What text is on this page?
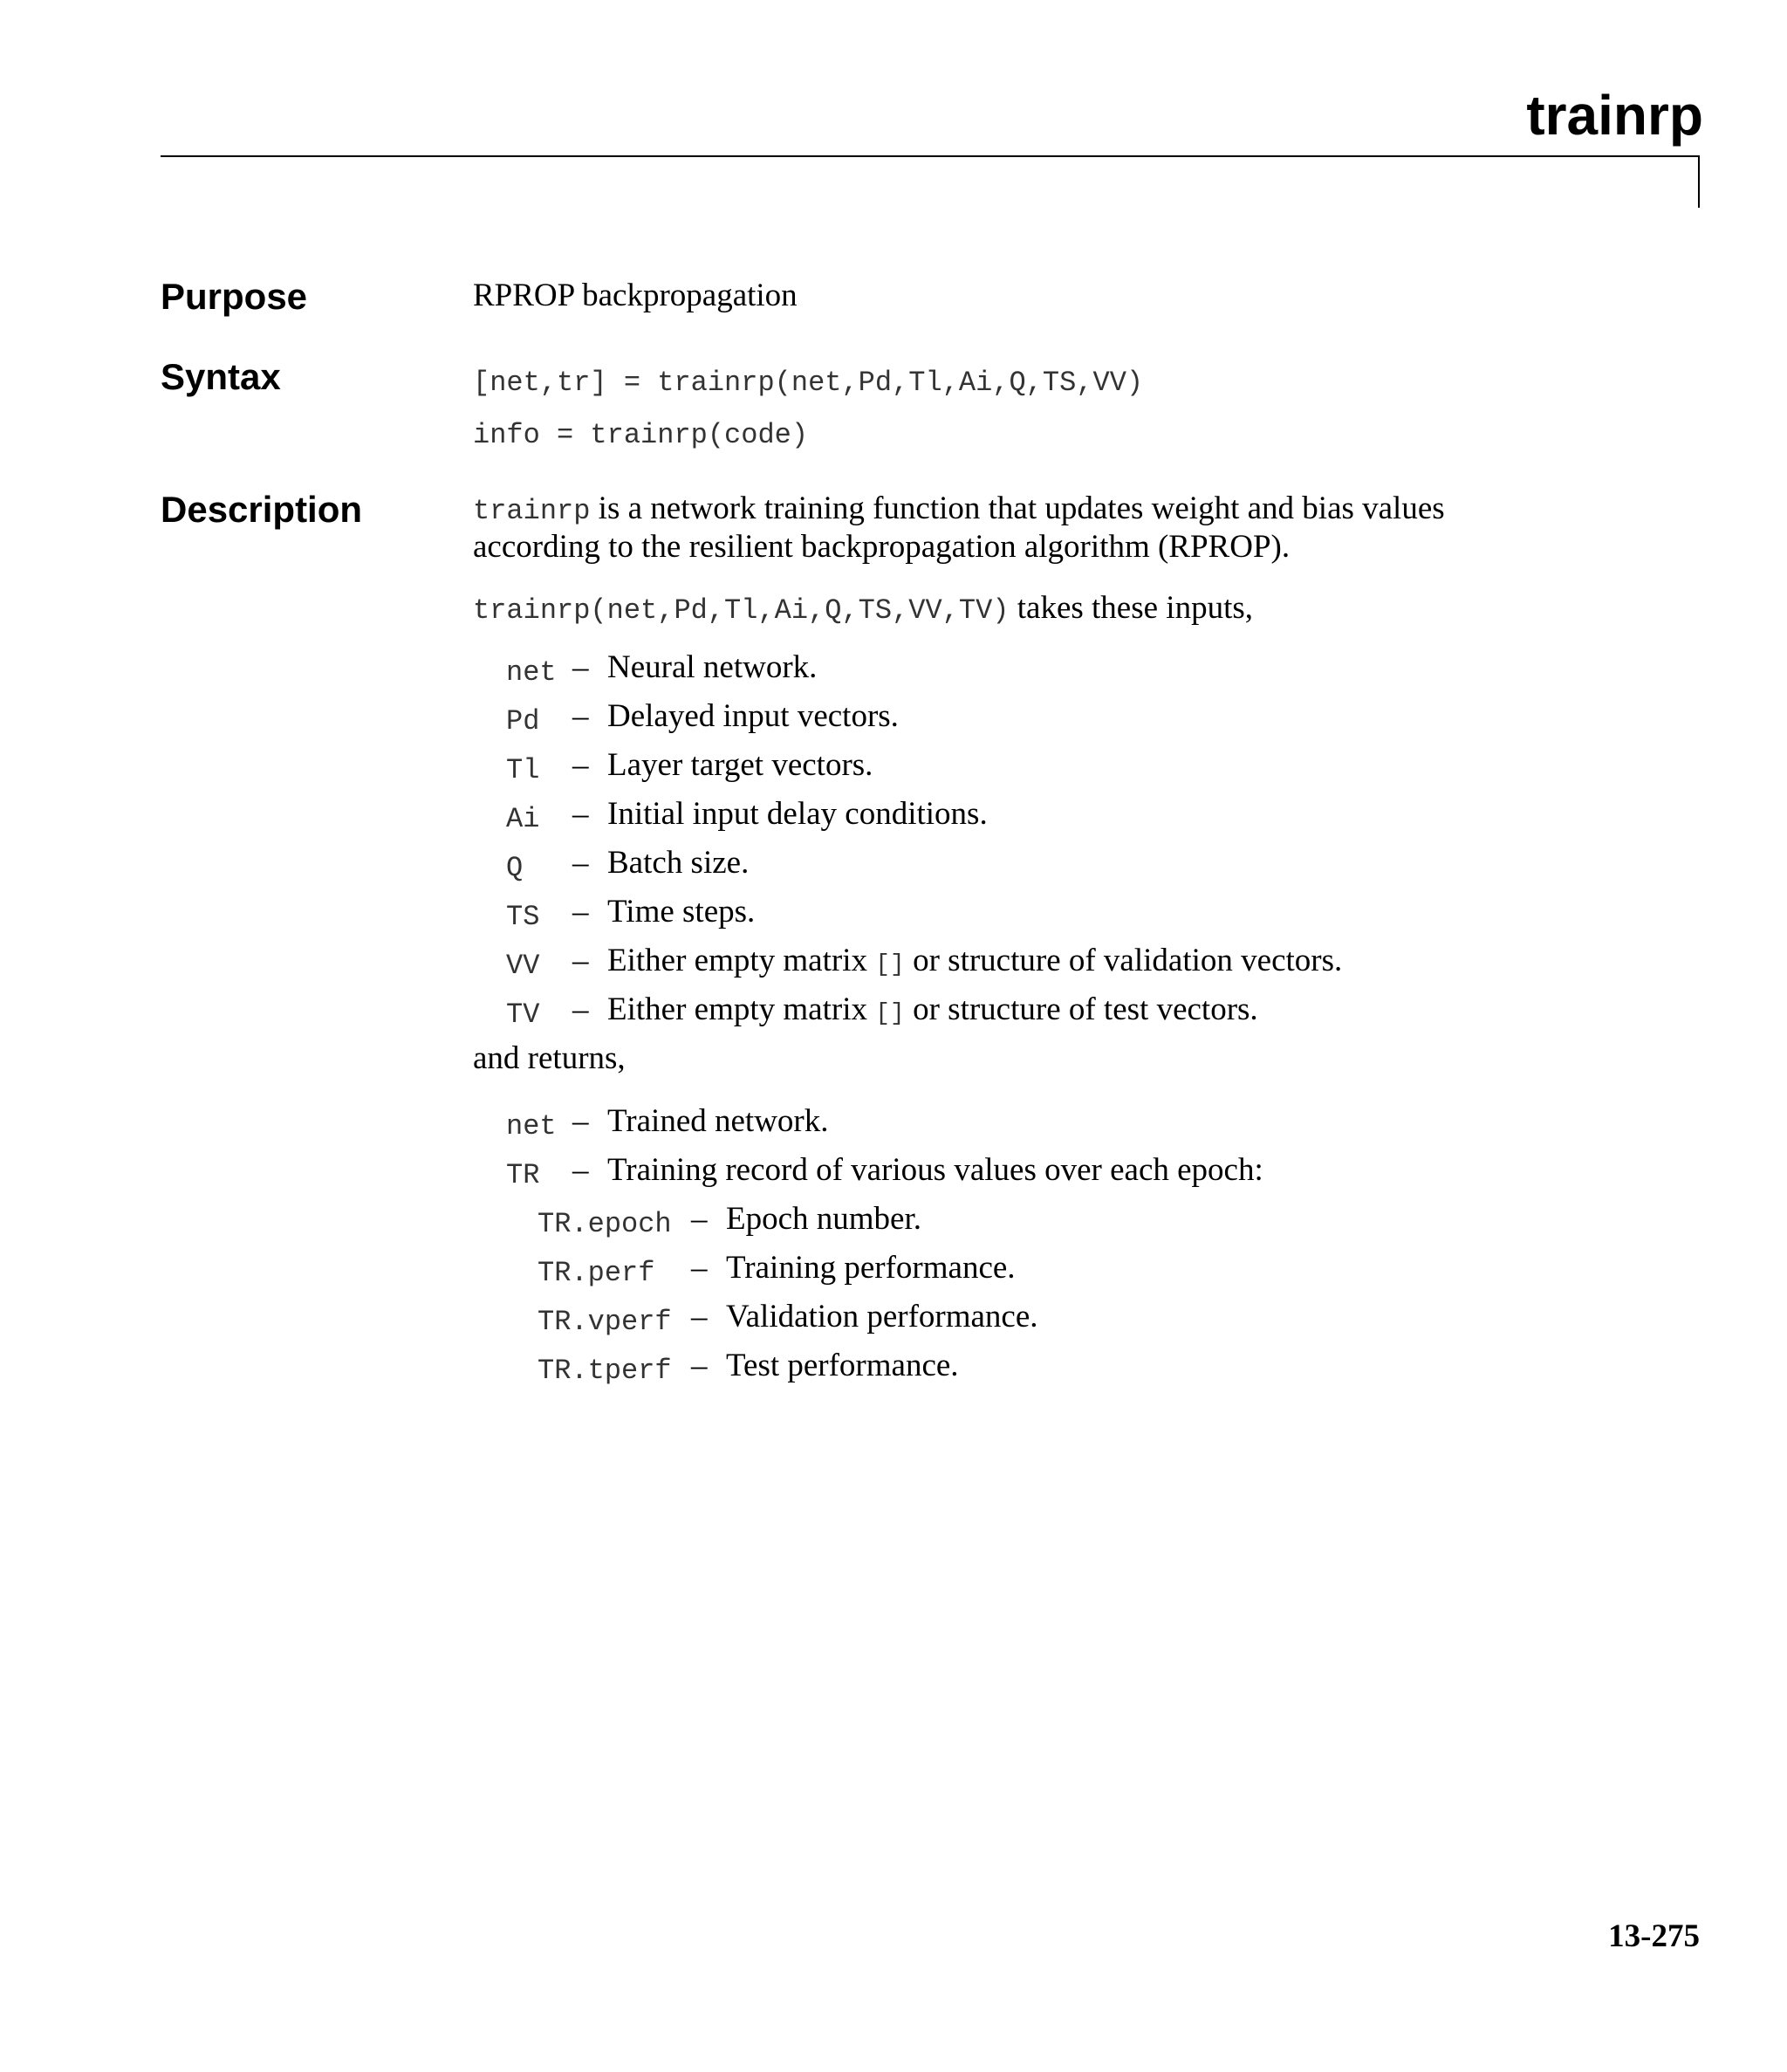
trainrp
Purpose	RPROP backpropagation
Syntax	[net,tr] = trainrp(net,Pd,Tl,Ai,Q,TS,VV)
info = trainrp(code)
Description	trainrp is a network training function that updates weight and bias values
according to the resilient backpropagation algorithm (RPROP).
trainrp(net,Pd,Tl,Ai,Q,TS,VV,TV) takes these inputs,
net – Neural network.
Pd – Delayed input vectors.
Tl – Layer target vectors.
Ai – Initial input delay conditions.
Q – Batch size.
TS – Time steps.
VV – Either empty matrix [] or structure of validation vectors.
TV – Either empty matrix [] or structure of test vectors.
and returns,
net – Trained network.
TR – Training record of various values over each epoch:
TR.epoch – Epoch number.
TR.perf – Training performance.
TR.vperf – Validation performance.
TR.tperf – Test performance.
13-275
